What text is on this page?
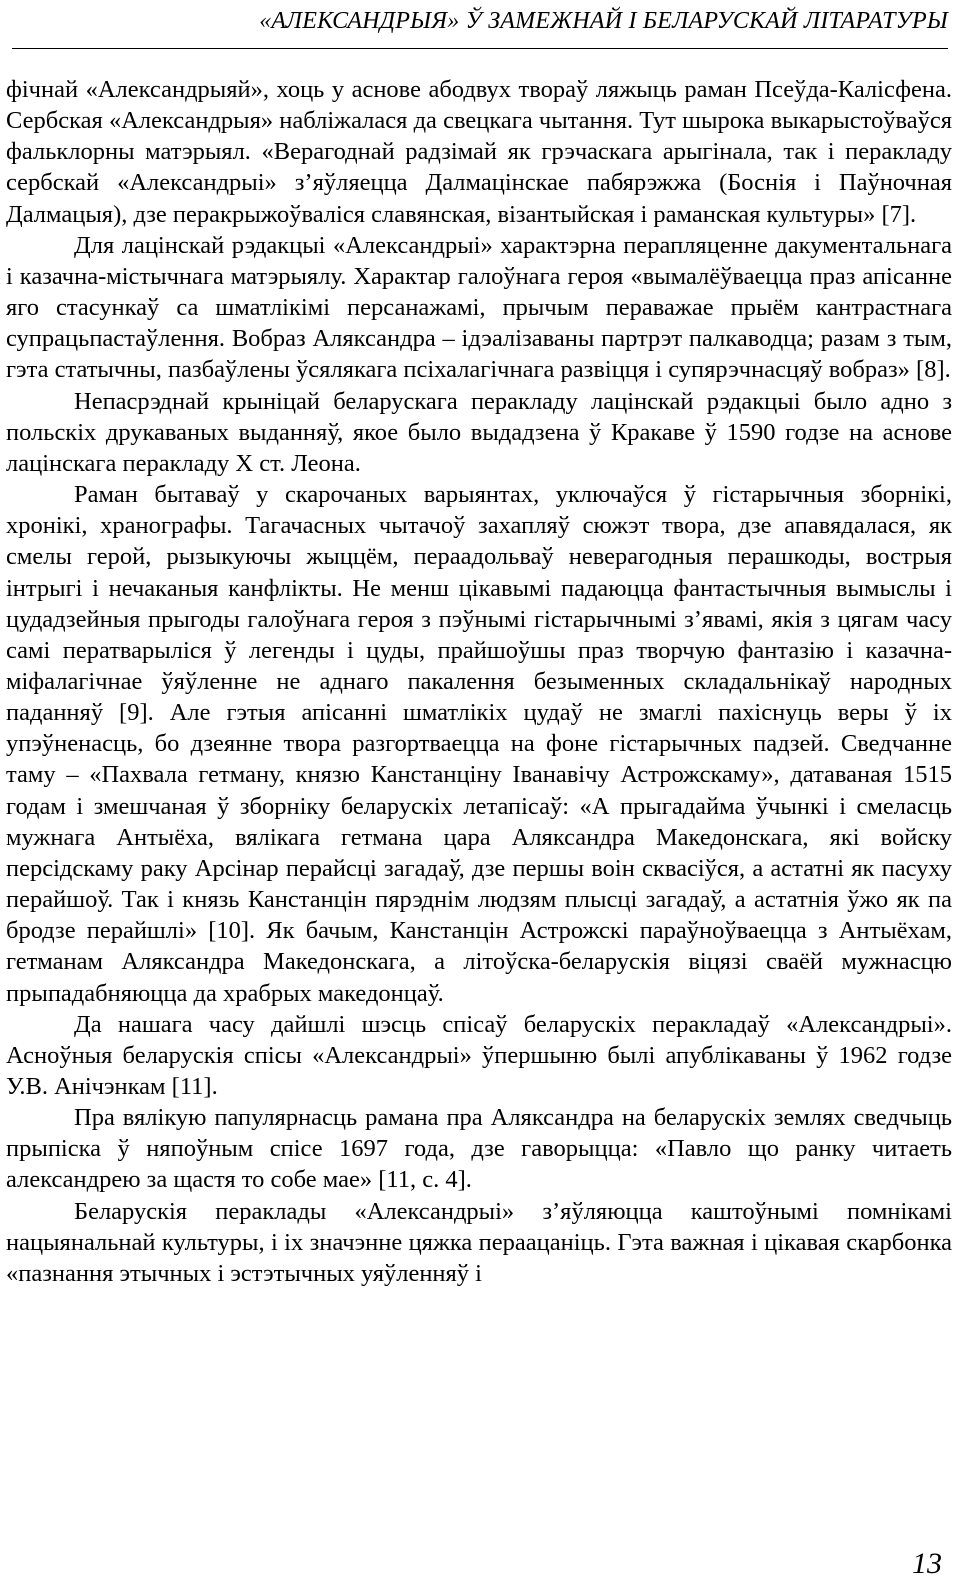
«АЛЕКСАНДРЫЯ» Ў ЗАМЕЖНАЙ І БЕЛАРУСКАЙ ЛІТАРАТУРЫ

фічнай «Александрыяй», хоць у аснове абодвух твораў ляжыць раман Псеўда-Калісфена. Сербская «Александрыя» набліжалася да свецкага чытання. Тут шырока выкарыстоўваўся фальклорны матэрыял. «Верагоднай радзімай як грэчаскага арыгінала, так і перакладу сербскай «Александрыі» з’яўляецца Далмацінскае пабярэжжа (Боснія і Паўночная Далмацыя), дзе перакрыжоўваліся славянская, візантыйская і раманская культуры» [7].

Для лацінскай рэдакцыі «Александрыі» характэрна перапляценне дакументальнага і казачна-містычнага матэрыялу. Характар галоўнага героя «вымалёўваецца праз апісанне яго стасункаў са шматлікімі персанажамі, прычым пераважае прыём кантрастнага супрацьпастаўлення. Вобраз Аляксандра – ідэалізаваны партрэт палкаводца; разам з тым, гэта статычны, пазбаўлены ўсялякага псіхалагічнага развіцця і супярэчнасцяў вобраз» [8].

Непасрэднай крыніцай беларускага перакладу лацінскай рэдакцыі было адно з польскіх друкаваных выданняў, якое было выдадзена ў Кракаве ў 1590 годзе на аснове лацінскага перакладу X ст. Леона.

Раман бытаваў у скарочаных варыянтах, уключаўся ў гістарычныя зборнікі, хронікі, хранографы. Тагачасных чытачоў захапляў сюжэт твора, дзе апавядалася, як смелы герой, рызыкуючы жыццём, пераадольваў неверагодныя перашкоды, вострыя інтрыгі і нечаканыя канфлікты. Не менш цікавымі падаюцца фантастычныя вымыслы і цудадзейныя прыгоды галоўнага героя з пэўнымі гістарычнымі з’явамі, якія з цягам часу самі ператварыліся ў легенды і цуды, прайшоўшы праз творчую фантазію і казачна-міфалагічнае ўяўленне не аднаго пакалення безыменных складальнікаў народных паданняў [9]. Але гэтыя апісанні шматлікіх цудаў не змаглі пахіснуць веры ў іх упэўненасць, бо дзеянне твора разгортваецца на фоне гістарычных падзей. Сведчанне таму – «Пахвала гетману, князю Канстанціну Іванавічу Астрожскаму», датаваная 1515 годам і змешчаная ў зборніку беларускіх летапісаў: «А прыгадайма ўчынкі і смеласць мужнага Антыёха, вялікага гетмана цара Аляксандра Македонскага, які войску персідскаму раку Арсінар перайсці загадаў, дзе першы воін сквасіўся, а астатні як пасуху перайшоў. Так і князь Канстанцін пярэднім людзям плысці загадаў, а астатнія ўжо як па бродзе перайшлі» [10]. Як бачым, Канстанцін Астрожскі параўноўваецца з Антыёхам, гетманам Аляксандра Македонскага, а літоўска-беларускія віцязі сваёй мужнасцю прыпадабняюцца да храбрых македонцаў.

Да нашага часу дайшлі шэсць спісаў беларускіх перакладаў «Александрыі». Асноўныя беларускія спісы «Александрыі» ўпершыню былі апублікаваны ў 1962 годзе У.В. Анічэнкам [11].

Пра вялікую папулярнасць рамана пра Аляксандра на беларускіх землях сведчыць прыпіска ў няпоўным спісе 1697 года, дзе гаворыцца: «Павло що ранку читаеть александрею за щастя то собе мае» [11, с. 4].

Беларускія пераклады «Александрыі» з’яўляюцца каштоўнымі помнікамі нацыянальнай культуры, і іх значэнне цяжка пераацаніць. Гэта важная і цікавая скарбонка «пазнання этычных і эстэтычных уяўленняў і

13
